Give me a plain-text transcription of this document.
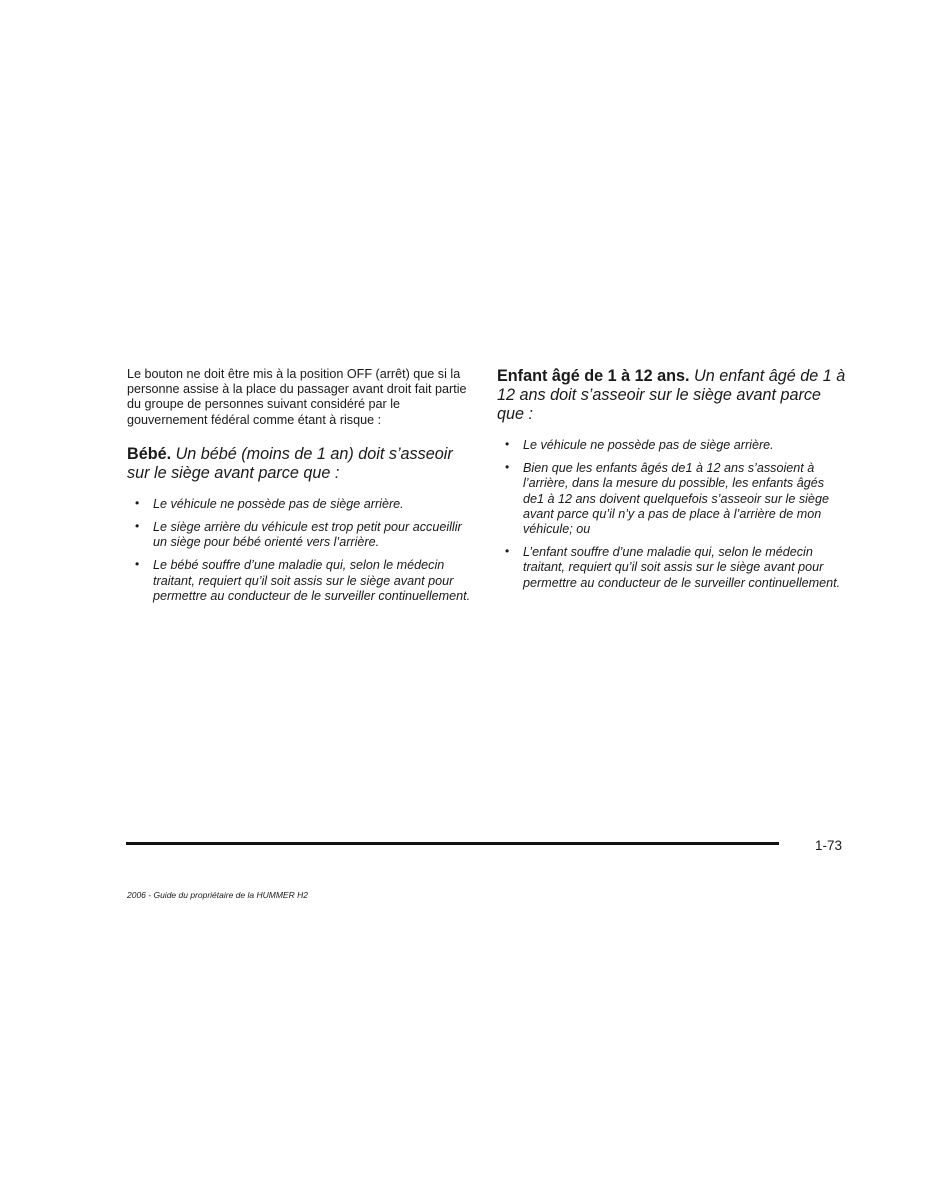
Le bouton ne doit être mis à la position OFF (arrêt) que si la personne assise à la place du passager avant droit fait partie du groupe de personnes suivant considéré par le gouvernement fédéral comme étant à risque :

Bébé. Un bébé (moins de 1 an) doit s’asseoir sur le siège avant parce que :

• Le véhicule ne possède pas de siège arrière.
• Le siège arrière du véhicule est trop petit pour accueillir un siège pour bébé orienté vers l’arrière.
• Le bébé souffre d’une maladie qui, selon le médecin traitant, requiert qu’il soit assis sur le siège avant pour permettre au conducteur de le surveiller continuellement.

Enfant âgé de 1 à 12 ans. Un enfant âgé de 1 à 12 ans doit s’asseoir sur le siège avant parce que :

• Le véhicule ne possède pas de siège arrière.
• Bien que les enfants âgés de1 à 12 ans s’assoient à l’arrière, dans la mesure du possible, les enfants âgés de1 à 12 ans doivent quelquefois s’asseoir sur le siège avant parce qu’il n’y a pas de place à l’arrière de mon véhicule; ou
• L’enfant souffre d’une maladie qui, selon le médecin traitant, requiert qu’il soit assis sur le siège avant pour permettre au conducteur de le surveiller continuellement.
1-73
2006 - Guide du propriétaire de la HUMMER H2
